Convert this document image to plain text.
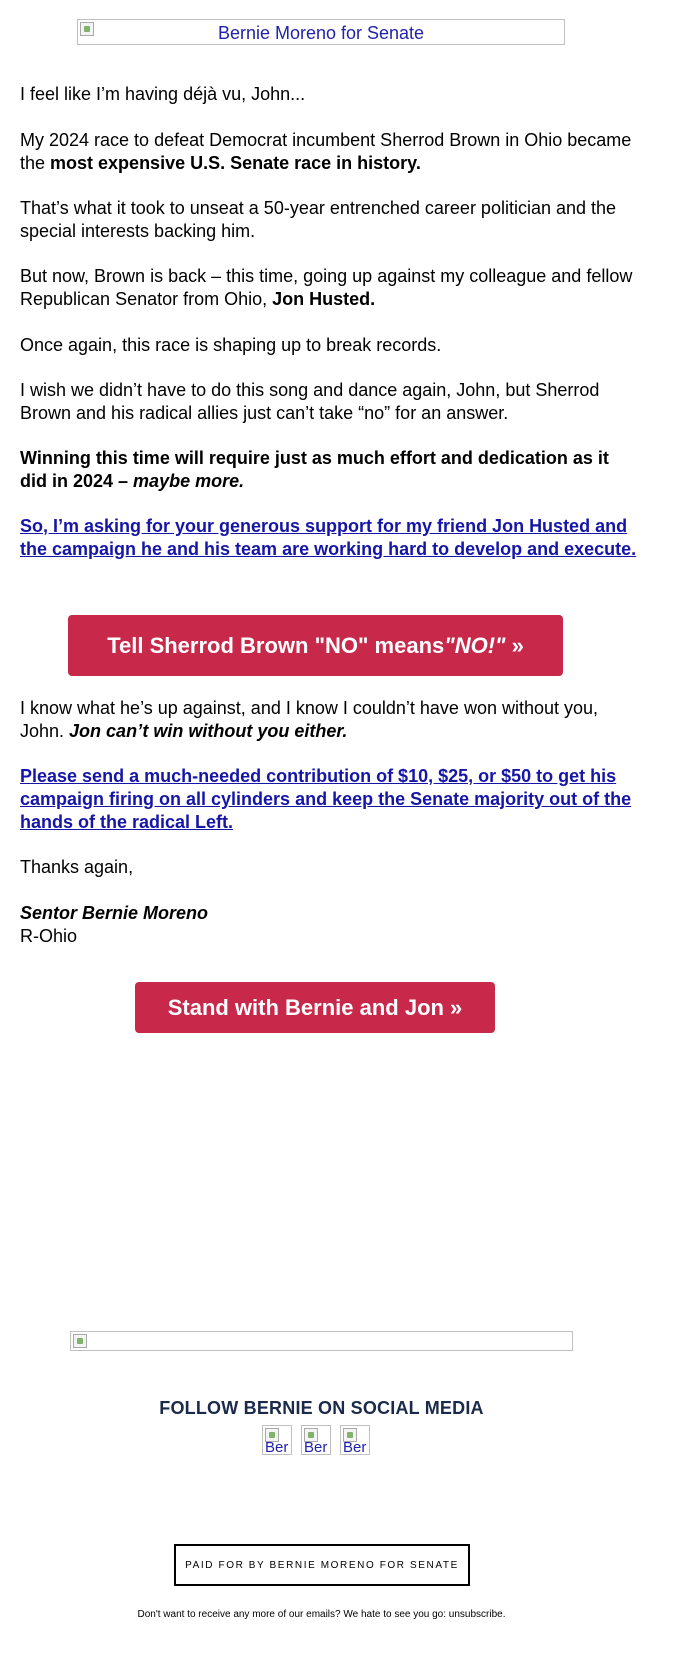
Bernie Moreno for Senate

I feel like I’m having déjà vu, John...

My 2024 race to defeat Democrat incumbent Sherrod Brown in Ohio became the most expensive U.S. Senate race in history.

That’s what it took to unseat a 50-year entrenched career politician and the special interests backing him.

But now, Brown is back – this time, going up against my colleague and fellow Republican Senator from Ohio, Jon Husted.

Once again, this race is shaping up to break records.

I wish we didn’t have to do this song and dance again, John, but Sherrod Brown and his radical allies just can’t take “no” for an answer.

Winning this time will require just as much effort and dedication as it did in 2024 – maybe more.

So, I’m asking for your generous support for my friend Jon Husted and the campaign he and his team are working hard to develop and execute.
Tell Sherrod Brown "NO" means "NO!" »

I know what he’s up against, and I know I couldn’t have won without you, John. Jon can’t win without you either.

Please send a much-needed contribution of $10, $25, or $50 to get his campaign firing on all cylinders and keep the Senate majority out of the hands of the radical Left.

Thanks again,

Sentor Bernie Moreno

R-Ohio

Stand with Bernie and Jon »
FOLLOW BERNIE ON SOCIAL MEDIA
Ber Ber Ber
PAID FOR BY BERNIE MORENO FOR SENATE
Don't want to receive any more of our emails? We hate to see you go: unsubscribe.
